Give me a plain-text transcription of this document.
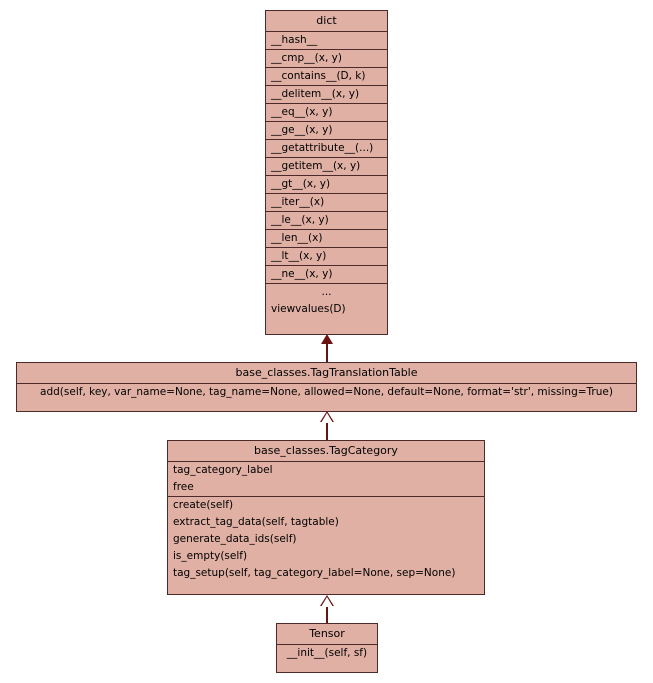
dict
__hash__
__cmp__(x, y)
__contains__(D, k)
__delitem__(x, y)
__eq__(x, y)
__ge__(x, y)
__getattribute__(...)
__getitem__(x, y)
__gt__(x, y)
__iter__(x)
__le__(x, y)
__len__(x)
__lt__(x, y)
__ne__(x, y)
...
viewvalues(D)
base_classes.TagTranslationTable
add(self, key, var_name=None, tag_name=None, allowed=None, default=None, format='str', missing=True)
base_classes.TagCategory
tag_category_label
free
create(self)
extract_tag_data(self, tagtable)
generate_data_ids(self)
is_empty(self)
tag_setup(self, tag_category_label=None, sep=None)
Tensor
__init__(self, sf)
